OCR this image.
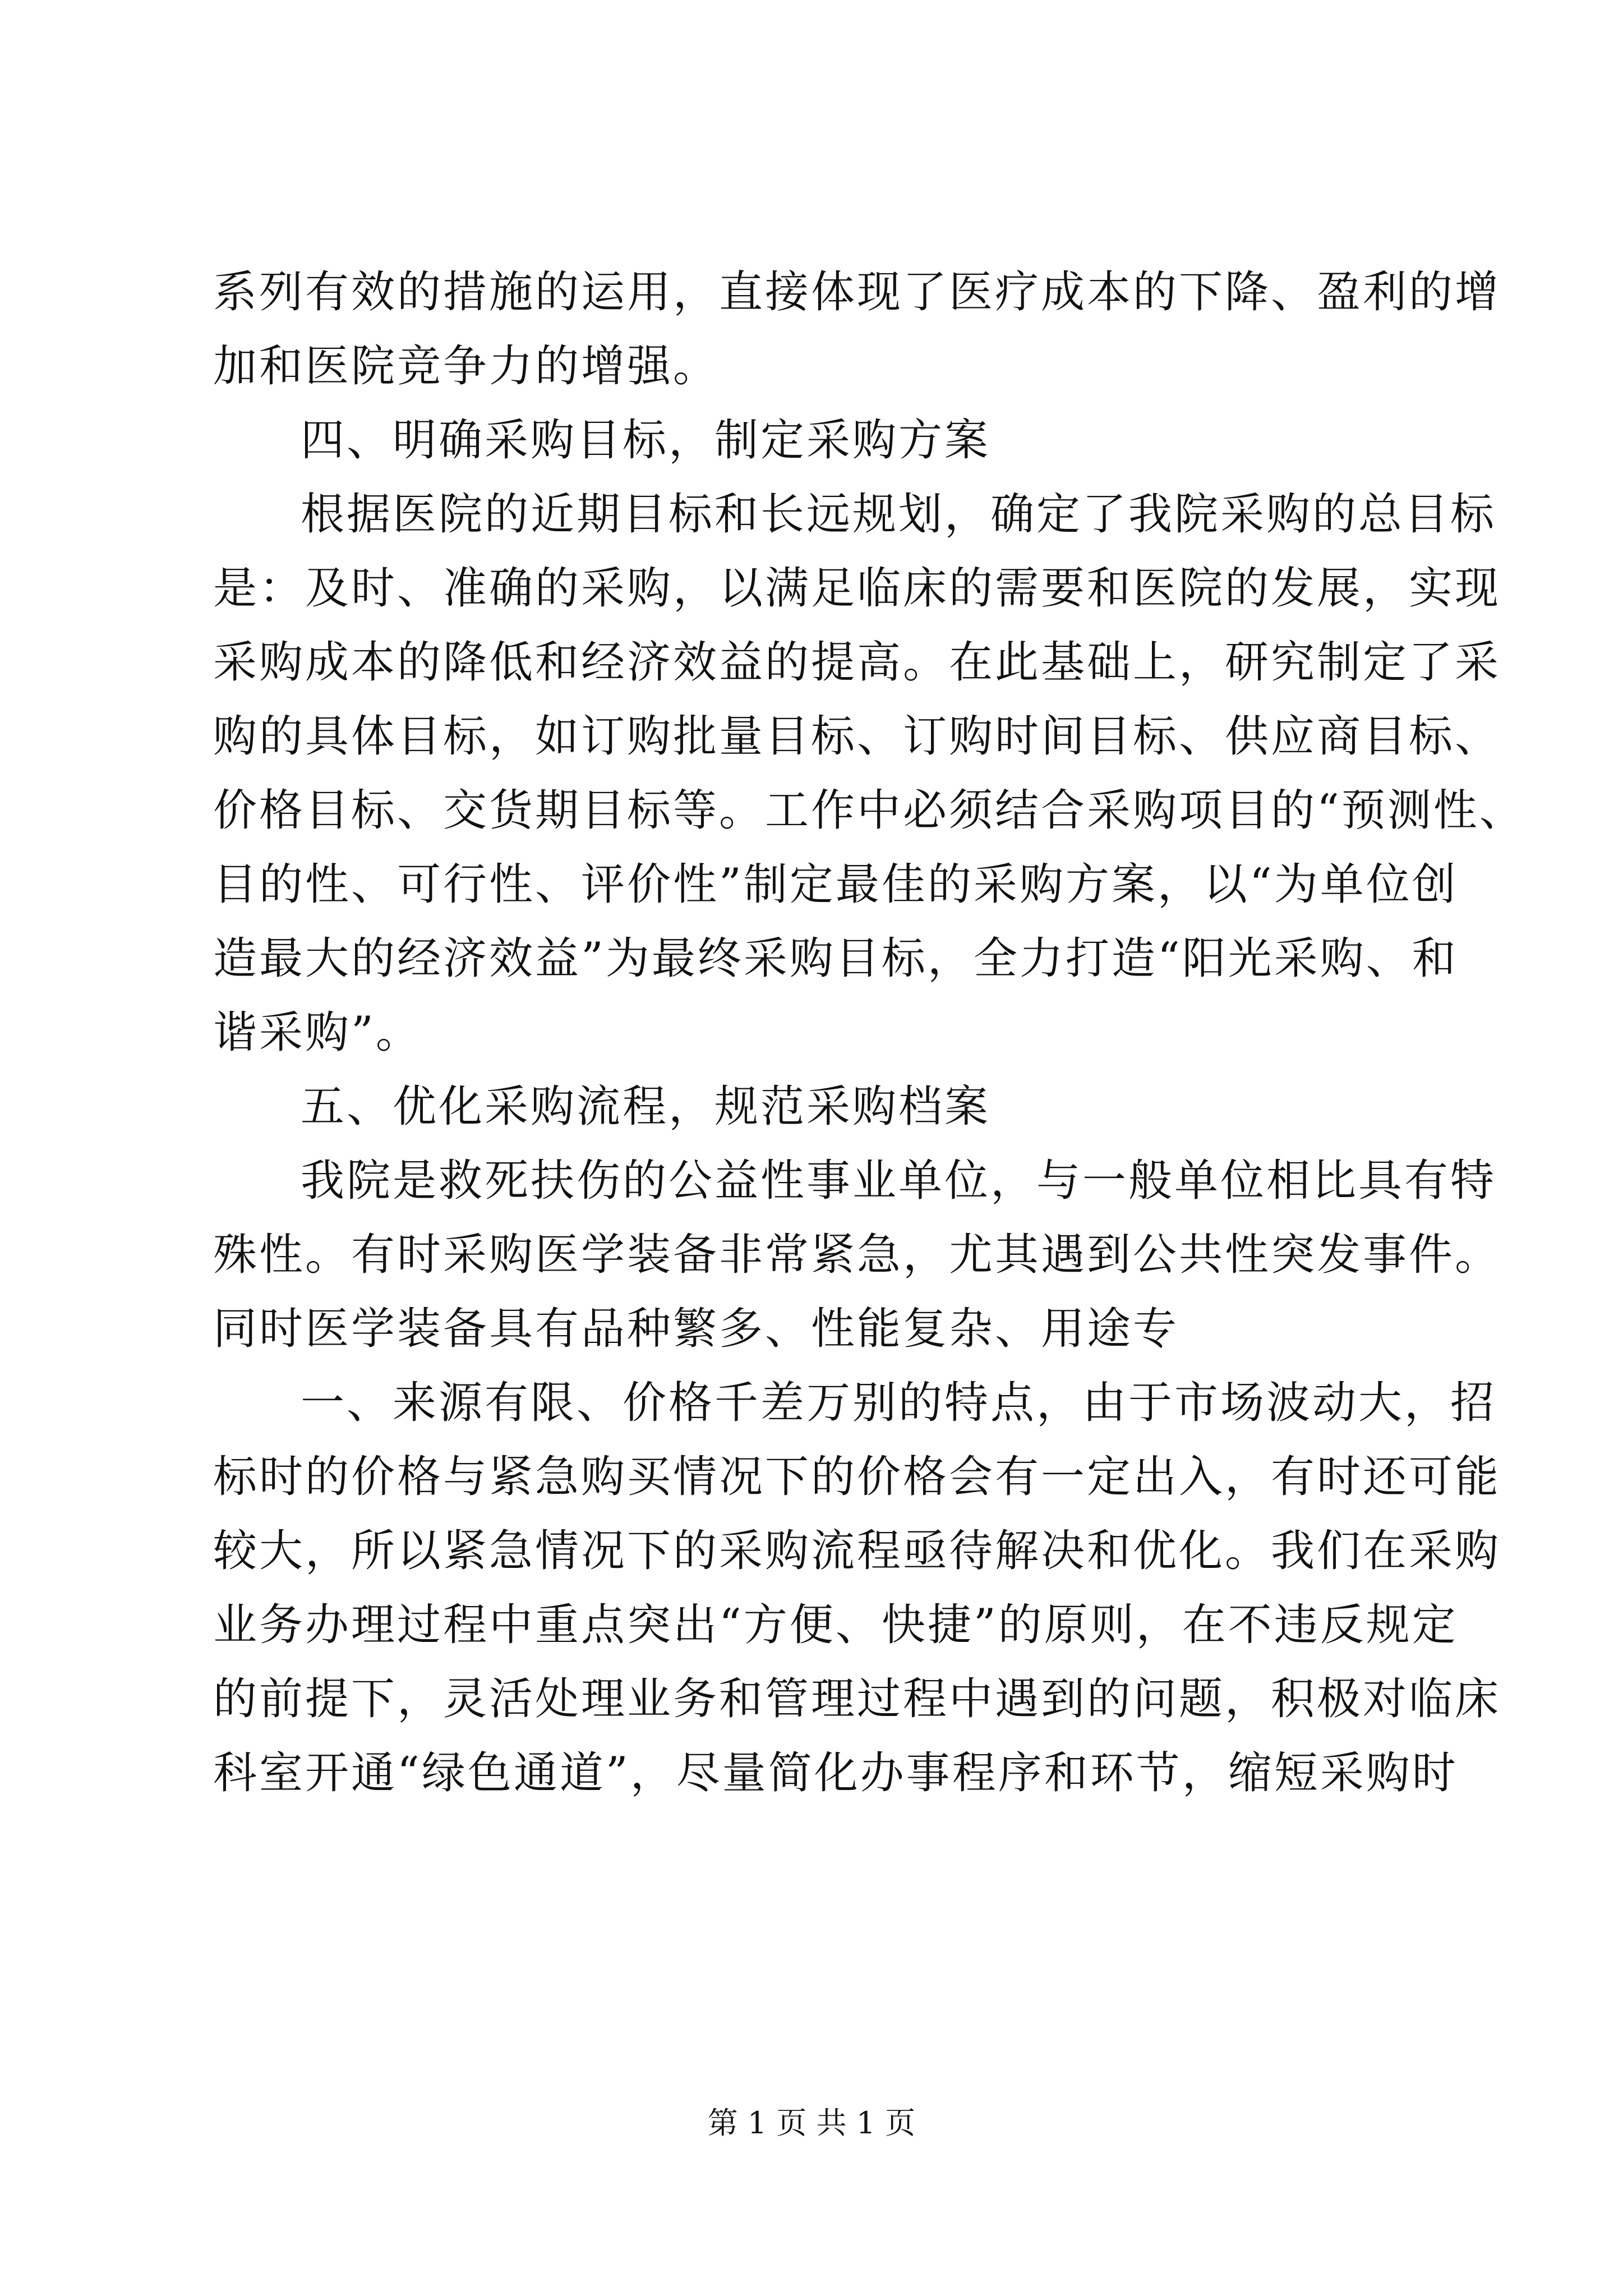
系列有效的措施的运用，直接体现了医疗成本的下降、盈利的增
加和医院竞争力的增强。
四、明确采购目标，制定采购方案
根据医院的近期目标和长远规划，确定了我院采购的总目标
是：及时、准确的采购，以满足临床的需要和医院的发展，实现
采购成本的降低和经济效益的提高。在此基础上，研究制定了采
购的具体目标，如订购批量目标、订购时间目标、供应商目标、
价格目标、交货期目标等。工作中必须结合采购项目的“预测性、
目的性、可行性、评价性”制定最佳的采购方案，以“为单位创
造最大的经济效益”为最终采购目标，全力打造“阳光采购、和
谐采购”。
五、优化采购流程，规范采购档案
我院是救死扶伤的公益性事业单位，与一般单位相比具有特
殊性。有时采购医学装备非常紧急，尤其遇到公共性突发事件。
同时医学装备具有品种繁多、性能复杂、用途专
一、来源有限、价格千差万别的特点，由于市场波动大，招
标时的价格与紧急购买情况下的价格会有一定出入，有时还可能
较大，所以紧急情况下的采购流程亟待解决和优化。我们在采购
业务办理过程中重点突出“方便、快捷”的原则，在不违反规定
的前提下，灵活处理业务和管理过程中遇到的问题，积极对临床
科室开通“绿色通道”，尽量简化办事程序和环节，缩短采购时
第 1 页 共 1 页
